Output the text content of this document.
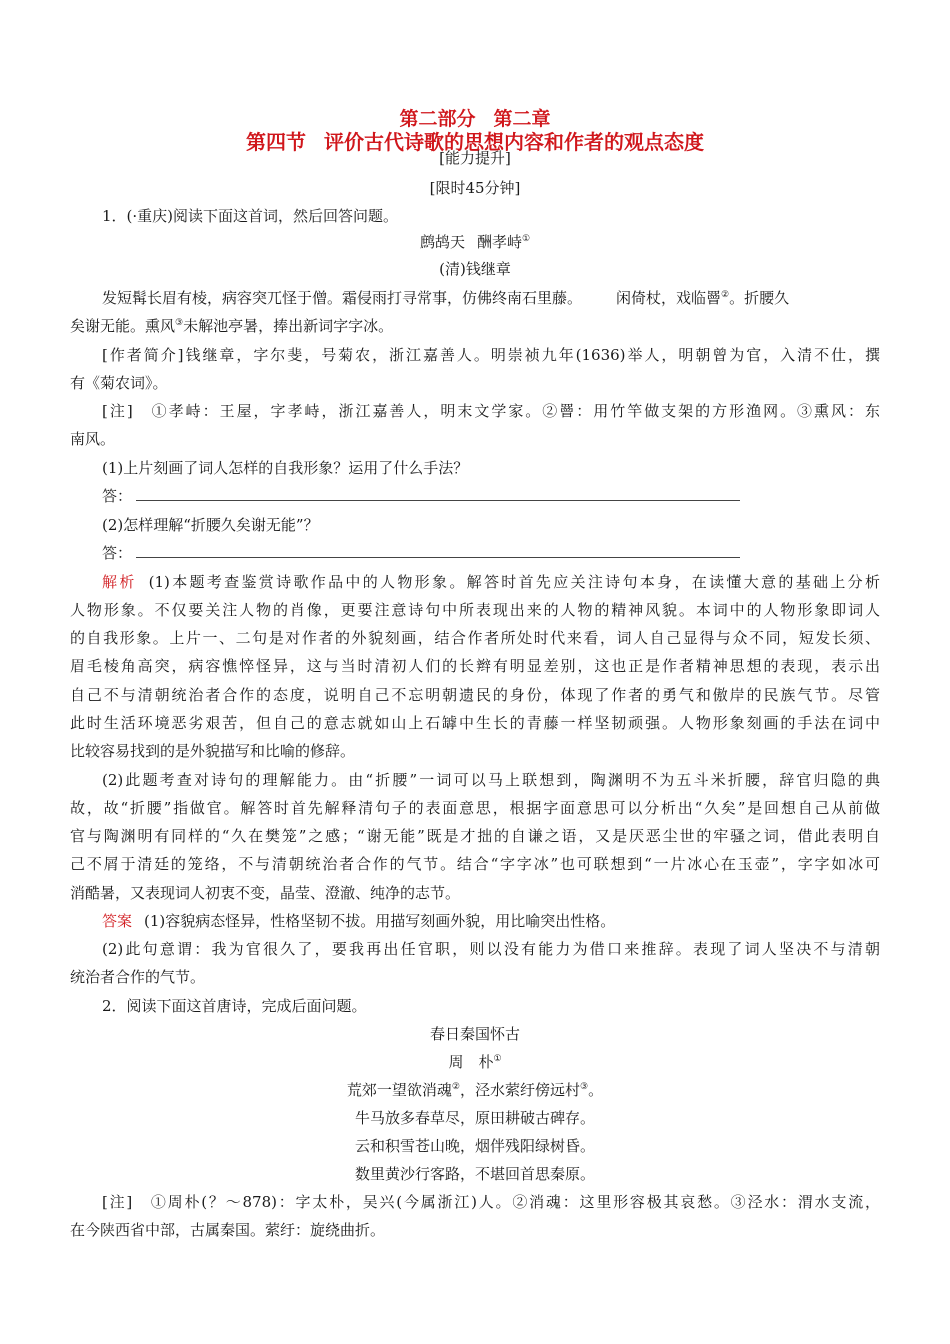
第二部分 第二章
第四节 评价古代诗歌的思想内容和作者的观点态度
[能力提升]
[限时45分钟]
1．(·重庆)阅读下面这首词，然后回答问题。
鹧鸪天 酬孝峙①
(清)钱继章
发短髯长眉有棱，病容突兀怪于僧。霜侵雨打寻常事，仿佛终南石里藤。 闲倚杖，戏临罾②。折腰久
矣谢无能。熏风③未解池亭暑，捧出新词字字冰。
[作者简介]钱继章，字尔斐，号菊农，浙江嘉善人。明崇祯九年(1636)举人，明朝曾为官，入清不仕，撰
有《菊农词》。
[注]　①孝峙：王屋，字孝峙，浙江嘉善人，明末文学家。②罾：用竹竿做支架的方形渔网。③熏风：东
南风。
(1)上片刻画了词人怎样的自我形象？运用了什么手法？
答：
(2)怎样理解“折腰久矣谢无能”？
答：
解析 (1)本题考查鉴赏诗歌作品中的人物形象。解答时首先应关注诗句本身，在读懂大意的基础上分析
人物形象。不仅要关注人物的肖像，更要注意诗句中所表现出来的人物的精神风貌。本词中的人物形象即词人
的自我形象。上片一、二句是对作者的外貌刻画，结合作者所处时代来看，词人自己显得与众不同，短发长须、
眉毛棱角高突，病容憔悴怪异，这与当时清初人们的长辫有明显差别，这也正是作者精神思想的表现，表示出
自己不与清朝统治者合作的态度，说明自己不忘明朝遗民的身份，体现了作者的勇气和傲岸的民族气节。尽管
此时生活环境恶劣艰苦，但自己的意志就如山上石罅中生长的青藤一样坚韧顽强。人物形象刻画的手法在词中
比较容易找到的是外貌描写和比喻的修辞。
(2)此题考查对诗句的理解能力。由“折腰”一词可以马上联想到，陶渊明不为五斗米折腰，辞官归隐的典
故，故“折腰”指做官。解答时首先解释清句子的表面意思，根据字面意思可以分析出“久矣”是回想自己从前做
官与陶渊明有同样的“久在樊笼”之感；“谢无能”既是才拙的自谦之语，又是厌恶尘世的牢骚之词，借此表明自
己不屑于清廷的笼络，不与清朝统治者合作的气节。结合“字字冰”也可联想到“一片冰心在玉壶”，字字如冰可
消酷暑，又表现词人初衷不变，晶莹、澄澈、纯净的志节。
答案 (1)容貌病态怪异，性格坚韧不拔。用描写刻画外貌，用比喻突出性格。
(2)此句意谓：我为官很久了，要我再出任官职，则以没有能力为借口来推辞。表现了词人坚决不与清朝
统治者合作的气节。
2．阅读下面这首唐诗，完成后面问题。
春日秦国怀古
周　朴①
荒郊一望欲消魂②，泾水萦纡傍远村③。
牛马放多春草尽，原田耕破古碑存。
云和积雪苍山晚，烟伴残阳绿树昏。
数里黄沙行客路，不堪回首思秦原。
[注]　①周朴(？～878)：字太朴，吴兴(今属浙江)人。②消魂：这里形容极其哀愁。③泾水：渭水支流，
在今陕西省中部，古属秦国。萦纡：旋绕曲折。
